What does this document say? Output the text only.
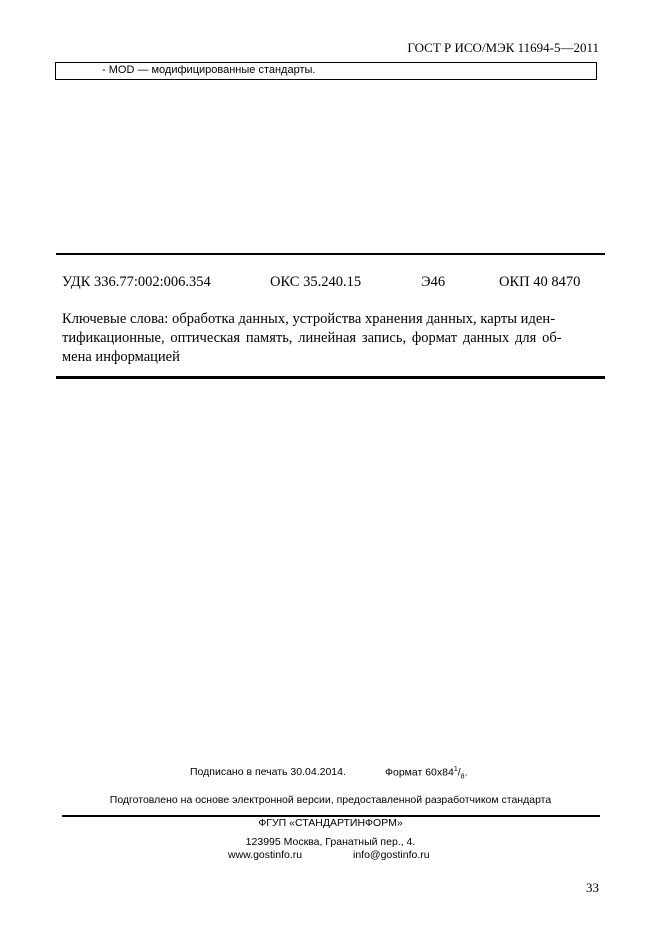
ГОСТ Р ИСО/МЭК 11694-5—2011
- MOD — модифицированные стандарты.
УДК 336.77:002:006.354	ОКС 35.240.15	Э46	ОКП 40 8470
Ключевые слова: обработка данных, устройства хранения данных, карты иден-
тификационные, оптическая память, линейная запись, формат данных для об-
мена информацией
Подписано в печать 30.04.2014.	Формат $60x84^1/_8$.
Подготовлено на основе электронной версии, предоставленной разработчиком стандарта
ФГУП «СТАНДАРТИНФОРМ»
123995 Москва, Гранатный пер., 4.
www.gostinfo.ru	info@gostinfo.ru
33
